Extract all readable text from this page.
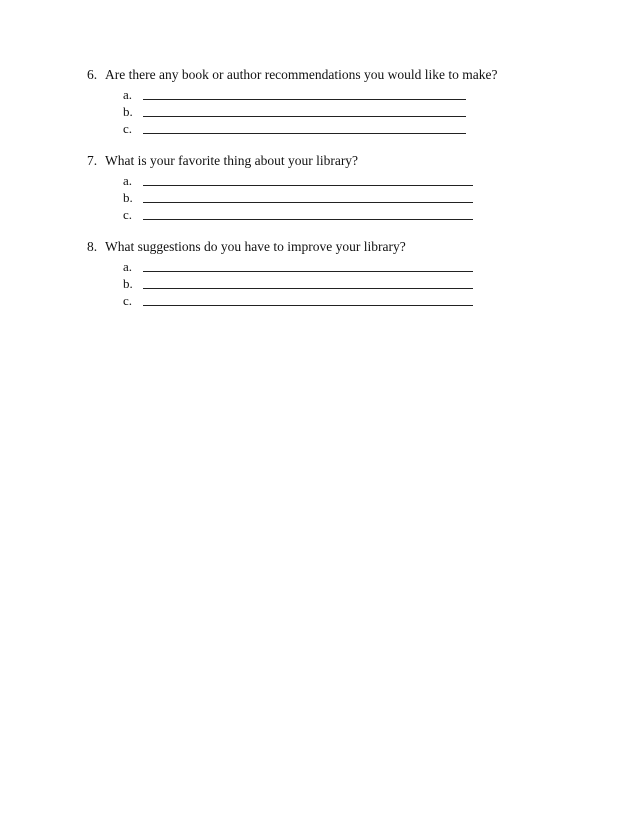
6. Are there any book or author recommendations you would like to make?
a.
b.
c.
7. What is your favorite thing about your library?
a.
b.
c.
8. What suggestions do you have to improve your library?
a.
b.
c.
